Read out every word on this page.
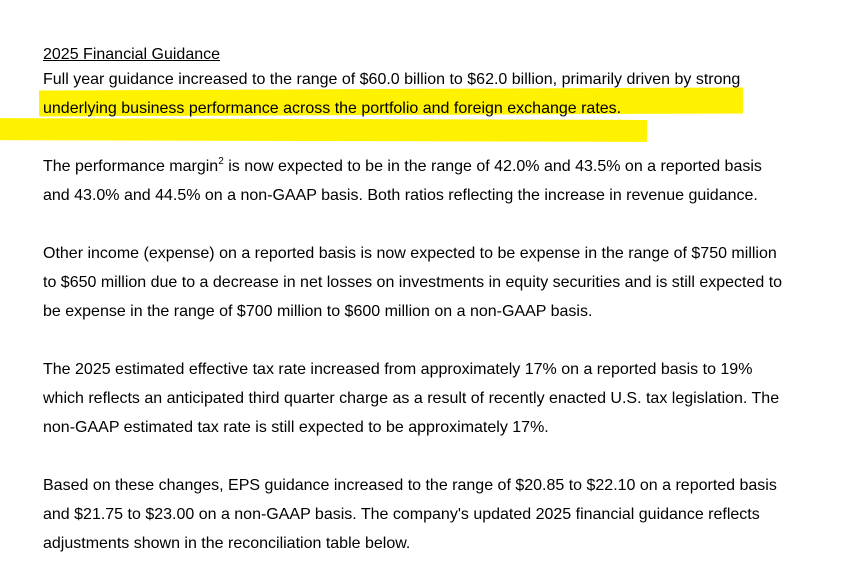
2025 Financial Guidance
Full year guidance increased to the range of $60.0 billion to $62.0 billion, primarily driven by strong
underlying business performance across the portfolio and foreign exchange rates.
The performance margin$^2$ is now expected to be in the range of 42.0% and 43.5% on a reported basis
and 43.0% and 44.5% on a non-GAAP basis. Both ratios reflecting the increase in revenue guidance.
Other income (expense) on a reported basis is now expected to be expense in the range of $750 million
to $650 million due to a decrease in net losses on investments in equity securities and is still expected to
be expense in the range of $700 million to $600 million on a non-GAAP basis.
The 2025 estimated effective tax rate increased from approximately 17% on a reported basis to 19%
which reflects an anticipated third quarter charge as a result of recently enacted U.S. tax legislation. The
non-GAAP estimated tax rate is still expected to be approximately 17%.
Based on these changes, EPS guidance increased to the range of $20.85 to $22.10 on a reported basis
and $21.75 to $23.00 on a non-GAAP basis. The company's updated 2025 financial guidance reflects
adjustments shown in the reconciliation table below.
